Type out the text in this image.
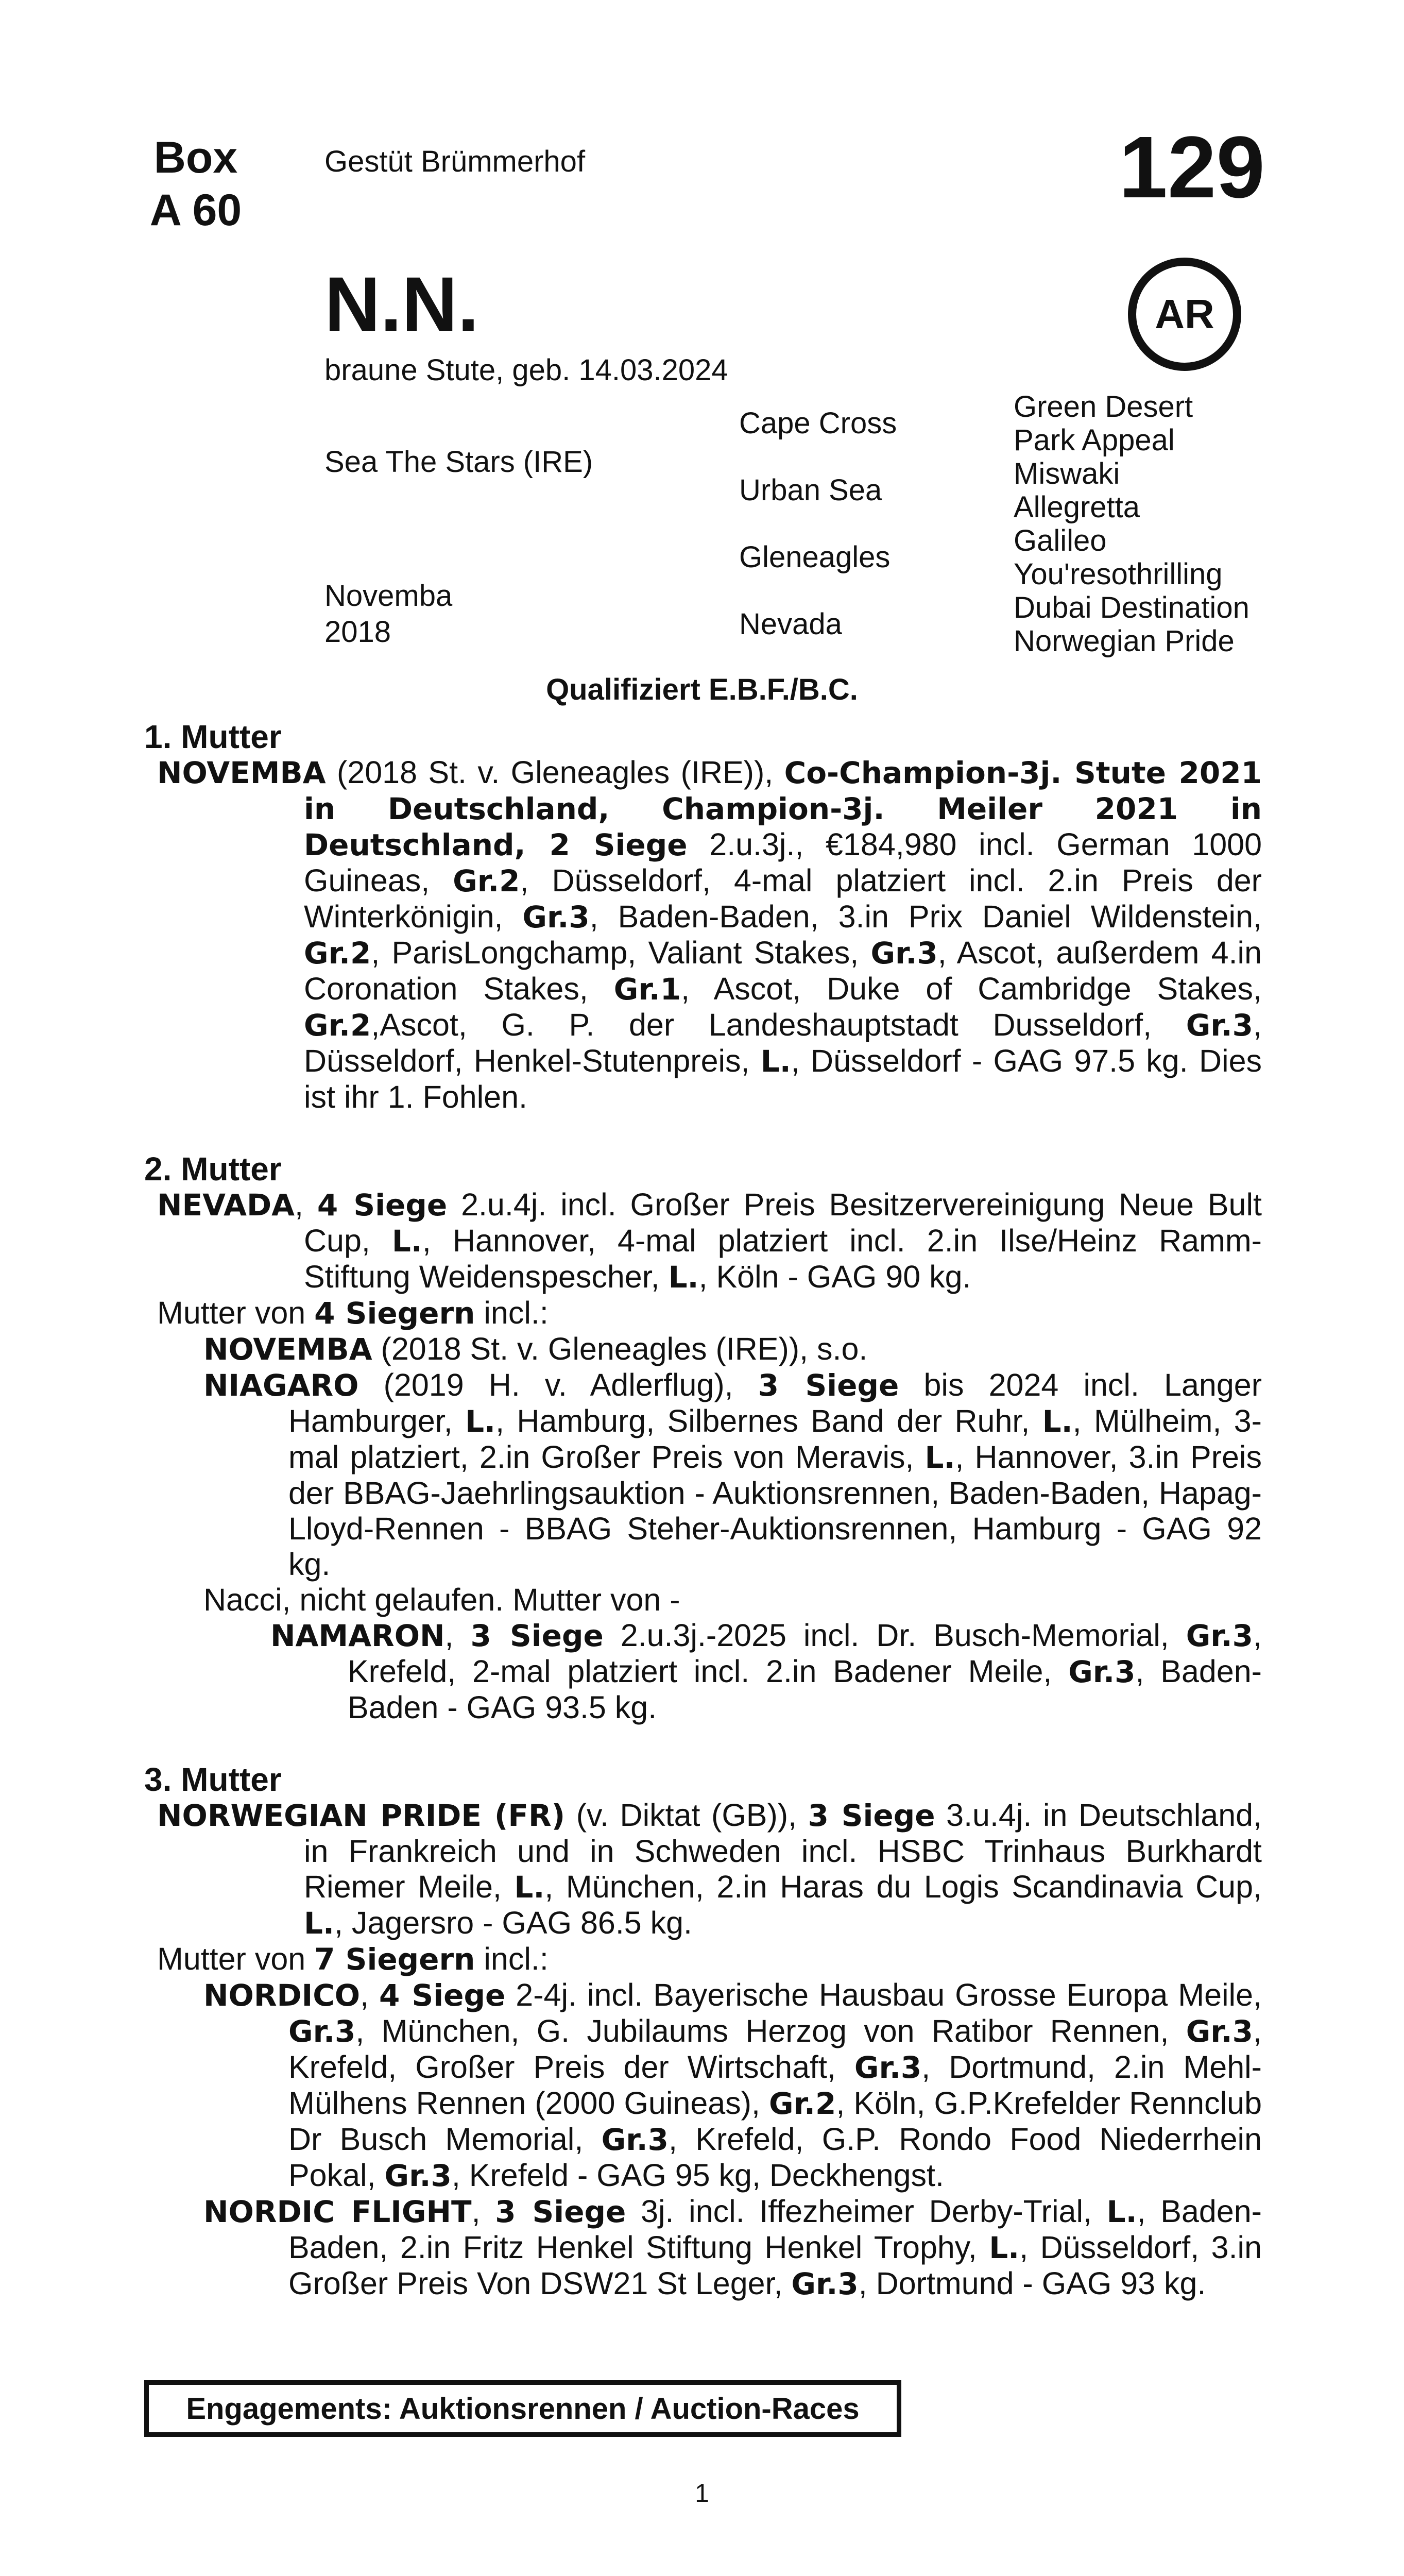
Box
A 60
Gestüt Brümmerhof	129
AR
N.N.
braune Stute, geb. 14.03.2024
Sea The Stars (IRE)
Novemba
2018
Cape Cross
Urban Sea
Gleneagles
Nevada
Green Desert
Park Appeal
Miswaki
Allegretta
Galileo
You'resothrilling
Dubai Destination
Norwegian Pride
Qualifiziert E.B.F./B.C.
1. Mutter
NOVEMBA (2018 St. v. Gleneagles (IRE)), Co-Champion-3j. Stute 2021 in Deutschland, Champion-3j. Meiler 2021 in Deutschland, 2 Siege 2.u.3j., €184,980 incl. German 1000 Guineas, Gr.2, Düsseldorf, 4-mal platziert incl. 2.in Preis der Winterkönigin, Gr.3, Baden-Baden, 3.in Prix Daniel Wildenstein, Gr.2, ParisLongchamp, Valiant Stakes, Gr.3, Ascot, außerdem 4.in Coronation Stakes, Gr.1, Ascot, Duke of Cambridge Stakes, Gr.2,Ascot, G. P. der Landeshauptstadt Dusseldorf, Gr.3, Düsseldorf, Henkel-Stutenpreis, L., Düsseldorf - GAG 97.5 kg. Dies ist ihr 1. Fohlen.
2. Mutter
NEVADA, 4 Siege 2.u.4j. incl. Großer Preis Besitzervereinigung Neue Bult Cup, L., Hannover, 4-mal platziert incl. 2.in Ilse/Heinz Ramm-Stiftung Weidenspescher, L., Köln - GAG 90 kg.
Mutter von 4 Siegern incl.:
NOVEMBA (2018 St. v. Gleneagles (IRE)), s.o.
NIAGARO (2019 H. v. Adlerflug), 3 Siege bis 2024 incl. Langer Hamburger, L., Hamburg, Silbernes Band der Ruhr, L., Mülheim, 3-mal platziert, 2.in Großer Preis von Meravis, L., Hannover, 3.in Preis der BBAG-Jaehrlingsauktion - Auktionsrennen, Baden-Baden, Hapag-Lloyd-Rennen - BBAG Steher-Auktionsrennen, Hamburg - GAG 92 kg.
Nacci, nicht gelaufen. Mutter von -
NAMARON, 3 Siege 2.u.3j.-2025 incl. Dr. Busch-Memorial, Gr.3, Krefeld, 2-mal platziert incl. 2.in Badener Meile, Gr.3, Baden-Baden - GAG 93.5 kg.
3. Mutter
NORWEGIAN PRIDE (FR) (v. Diktat (GB)), 3 Siege 3.u.4j. in Deutschland, in Frankreich und in Schweden incl. HSBC Trinhaus Burkhardt Riemer Meile, L., München, 2.in Haras du Logis Scandinavia Cup, L., Jagersro - GAG 86.5 kg.
Mutter von 7 Siegern incl.:
NORDICO, 4 Siege 2-4j. incl. Bayerische Hausbau Grosse Europa Meile, Gr.3, München, G. Jubilaums Herzog von Ratibor Rennen, Gr.3, Krefeld, Großer Preis der Wirtschaft, Gr.3, Dortmund, 2.in Mehl-Mülhens Rennen (2000 Guineas), Gr.2, Köln, G.P.Krefelder Rennclub Dr Busch Memorial, Gr.3, Krefeld, G.P. Rondo Food Niederrhein Pokal, Gr.3, Krefeld - GAG 95 kg, Deckhengst.
NORDIC FLIGHT, 3 Siege 3j. incl. Iffezheimer Derby-Trial, L., Baden-Baden, 2.in Fritz Henkel Stiftung Henkel Trophy, L., Düsseldorf, 3.in Großer Preis Von DSW21 St Leger, Gr.3, Dortmund - GAG 93 kg.
Engagements: Auktionsrennen / Auction-Races
1
